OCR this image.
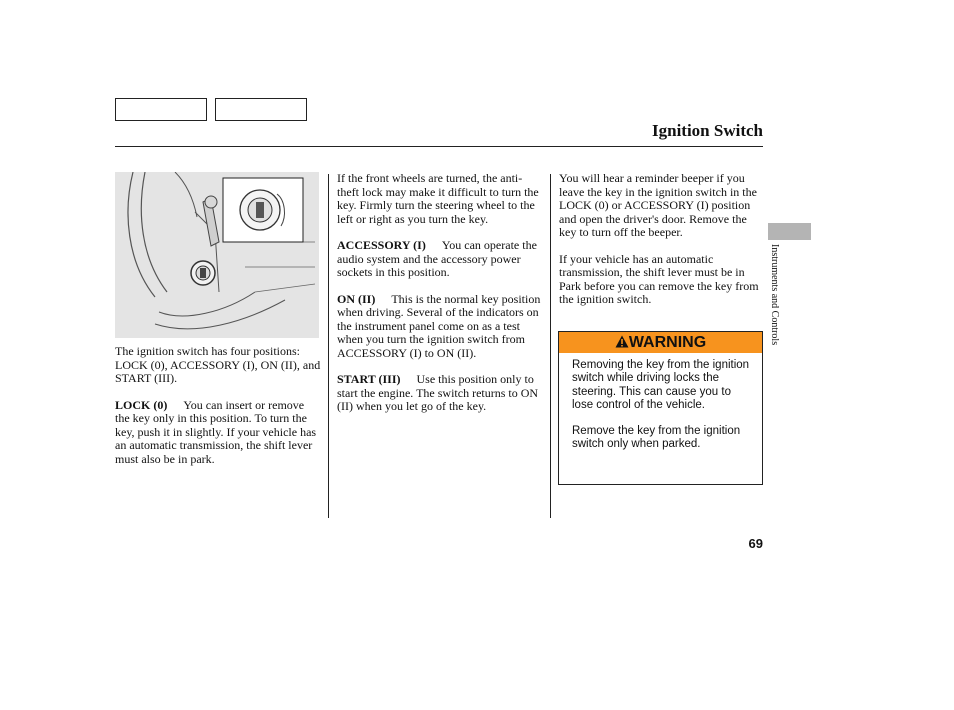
Ignition Switch

The ignition switch has four positions: LOCK (0), ACCESSORY (I), ON (II), and START (III).

LOCK (0) You can insert or remove the key only in this position. To turn the key, push it in slightly. If your vehicle has an automatic transmission, the shift lever must also be in park.

If the front wheels are turned, the anti-theft lock may make it difficult to turn the key. Firmly turn the steering wheel to the left or right as you turn the key.

ACCESSORY (I) You can operate the audio system and the accessory power sockets in this position.

ON (II) This is the normal key position when driving. Several of the indicators on the instrument panel come on as a test when you turn the ignition switch from ACCESSORY (I) to ON (II).

START (III) Use this position only to start the engine. The switch returns to ON (II) when you let go of the key.

You will hear a reminder beeper if you leave the key in the ignition switch in the LOCK (0) or ACCESSORY (I) position and open the driver's door. Remove the key to turn off the beeper.

If your vehicle has an automatic transmission, the shift lever must be in Park before you can remove the key from the ignition switch.

WARNING

Removing the key from the ignition switch while driving locks the steering. This can cause you to lose control of the vehicle.

Remove the key from the ignition switch only when parked.

Instruments and Controls
69
